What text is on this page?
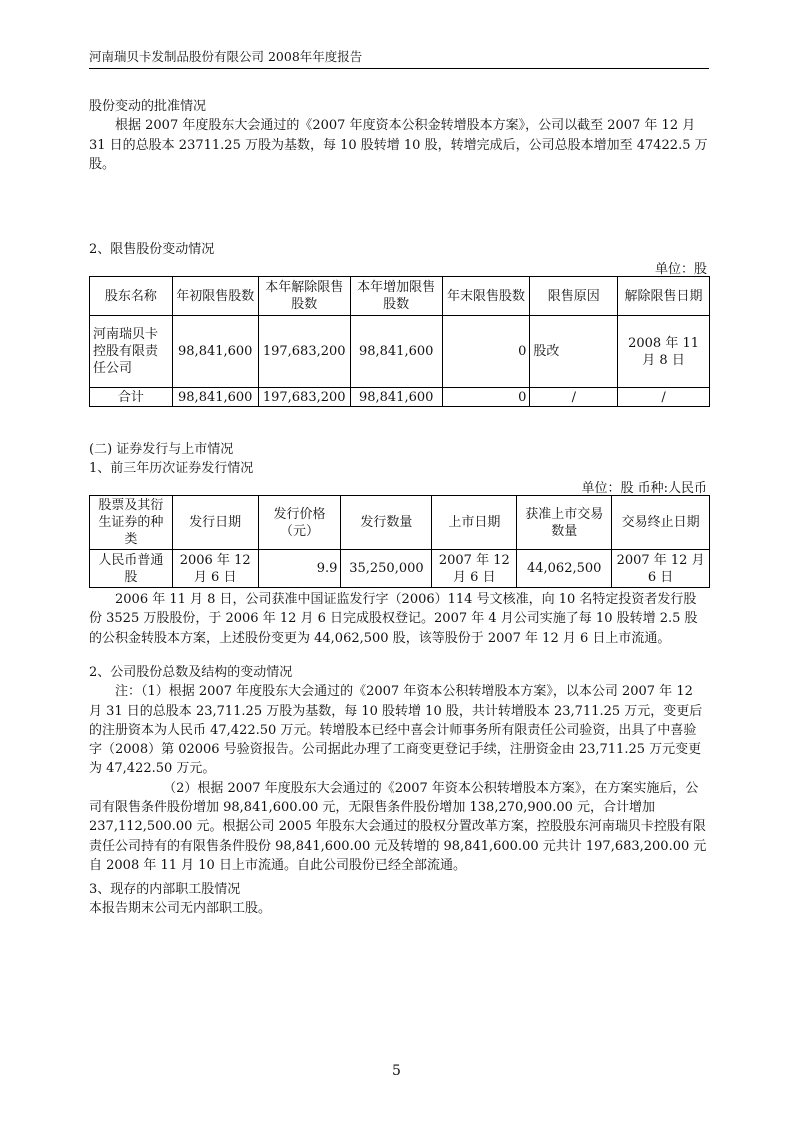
河南瑞贝卡发制品股份有限公司 2008年年度报告

股份变动的批准情况

根据 2007 年度股东大会通过的《2007 年度资本公积金转增股本方案》，公司以截至 2007 年 12 月 31 日的总股本 23711.25 万股为基数，每 10 股转增 10 股，转增完成后，公司总股本增加至 47422.5 万股。

2、限售股份变动情况
单位：股
股东名称	年初限售股数	本年解除限售股数	本年增加限售股数	年末限售股数	限售原因	解除限售日期
河南瑞贝卡控股有限责任公司	98,841,600	197,683,200	98,841,600	0	股改	2008 年 11 月 8 日
合计	98,841,600	197,683,200	98,841,600	0	/	/

(二) 证券发行与上市情况

1、前三年历次证券发行情况

单位：股 币种:人民币
股票及其衍生证券的种类	发行日期	发行价格（元）	发行数量	上市日期	获准上市交易数量	交易终止日期
人民币普通股	2006 年 12 月 6 日	9.9	35,250,000	2007 年 12 月 6 日	44,062,500	2007 年 12 月 6 日

2006 年 11 月 8 日，公司获准中国证监发行字（2006）114 号文核准，向 10 名特定投资者发行股份 3525 万股股份，于 2006 年 12 月 6 日完成股权登记。2007 年 4 月公司实施了每 10 股转增 2.5 股的公积金转股本方案，上述股份变更为 44,062,500 股，该等股份于 2007 年 12 月 6 日上市流通。

2、公司股份总数及结构的变动情况

注：（1）根据 2007 年度股东大会通过的《2007 年资本公积转增股本方案》，以本公司 2007 年 12 月 31 日的总股本 23,711.25 万股为基数，每 10 股转增 10 股，共计转增股本 23,711.25 万元，变更后的注册资本为人民币 47,422.50 万元。转增股本已经中喜会计师事务所有限责任公司验资，出具了中喜验字（2008）第 02006 号验资报告。公司据此办理了工商变更登记手续，注册资金由 23,711.25 万元变更为 47,422.50 万元。

（2）根据 2007 年度股东大会通过的《2007 年资本公积转增股本方案》，在方案实施后，公司有限售条件股份增加 98,841,600.00 元，无限售条件股份增加 138,270,900.00 元，合计增加 237,112,500.00 元。根据公司 2005 年股东大会通过的股权分置改革方案，控股股东河南瑞贝卡控股有限责任公司持有的有限售条件股份 98,841,600.00 元及转增的 98,841,600.00 元共计 197,683,200.00 元自 2008 年 11 月 10 日上市流通。自此公司股份已经全部流通。

3、现存的内部职工股情况

本报告期末公司无内部职工股。

5
